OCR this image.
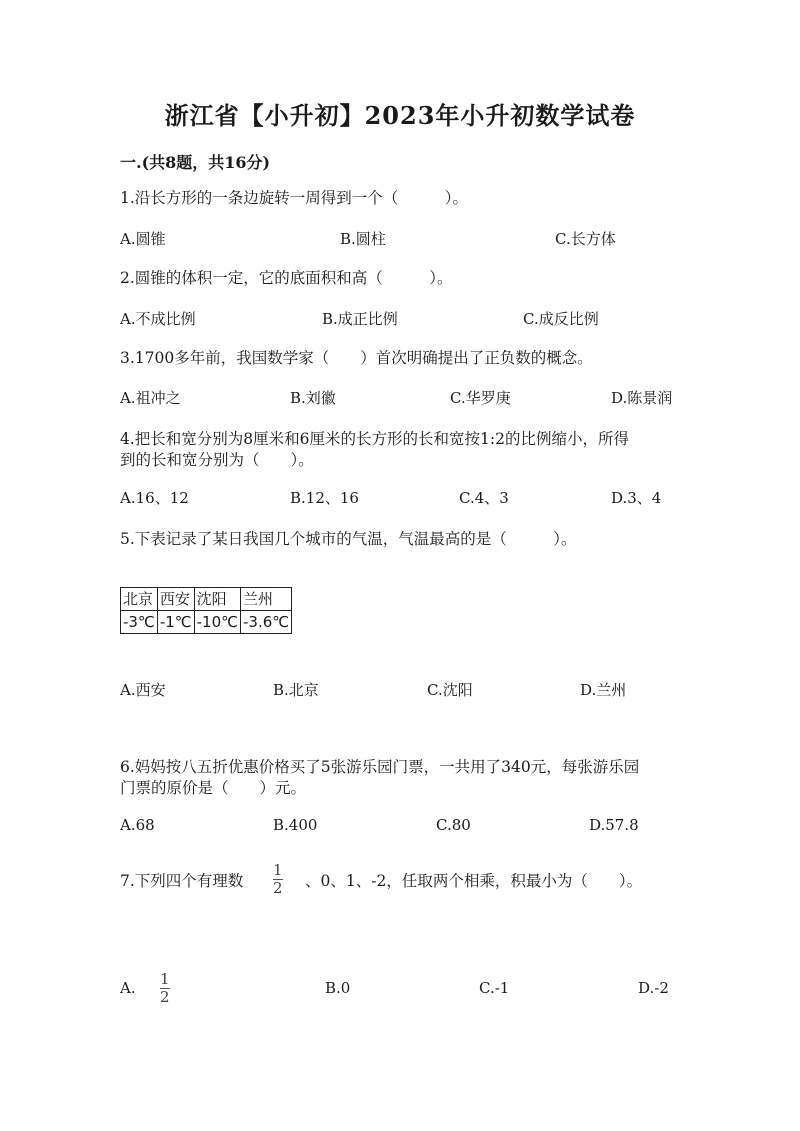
浙江省【小升初】2023年小升初数学试卷
一.(共8题，共16分)
1.沿长方形的一条边旋转一周得到一个（　　　）。
A.圆锥	B.圆柱	C.长方体
2.圆锥的体积一定，它的底面积和高（　　　）。
A.不成比例	B.成正比例	C.成反比例
3.1700多年前，我国数学家（　　）首次明确提出了正负数的概念。
A.祖冲之	B.刘徽	C.华罗庚	D.陈景润
4.把长和宽分别为8厘米和6厘米的长方形的长和宽按1:2的比例缩小，所得
到的长和宽分别为（　　）。
A.16、12	B.12、16	C.4、3	D.3、4
5.下表记录了某日我国几个城市的气温，气温最高的是（　　　）。
北京	西安	沈阳	兰州
-3℃	-1℃	-10℃	-3.6℃
A.西安	B.北京	C.沈阳	D.兰州
6.妈妈按八五折优惠价格买了5张游乐园门票，一共用了340元，每张游乐园
门票的原价是（　　）元。
A.68	B.400	C.80	D.57.8
7.下列四个有理数
1
2 、0、1、-2，任取两个相乘，积最小为（　　）。
A. 1
2	B.0	C.-1	D.-2
